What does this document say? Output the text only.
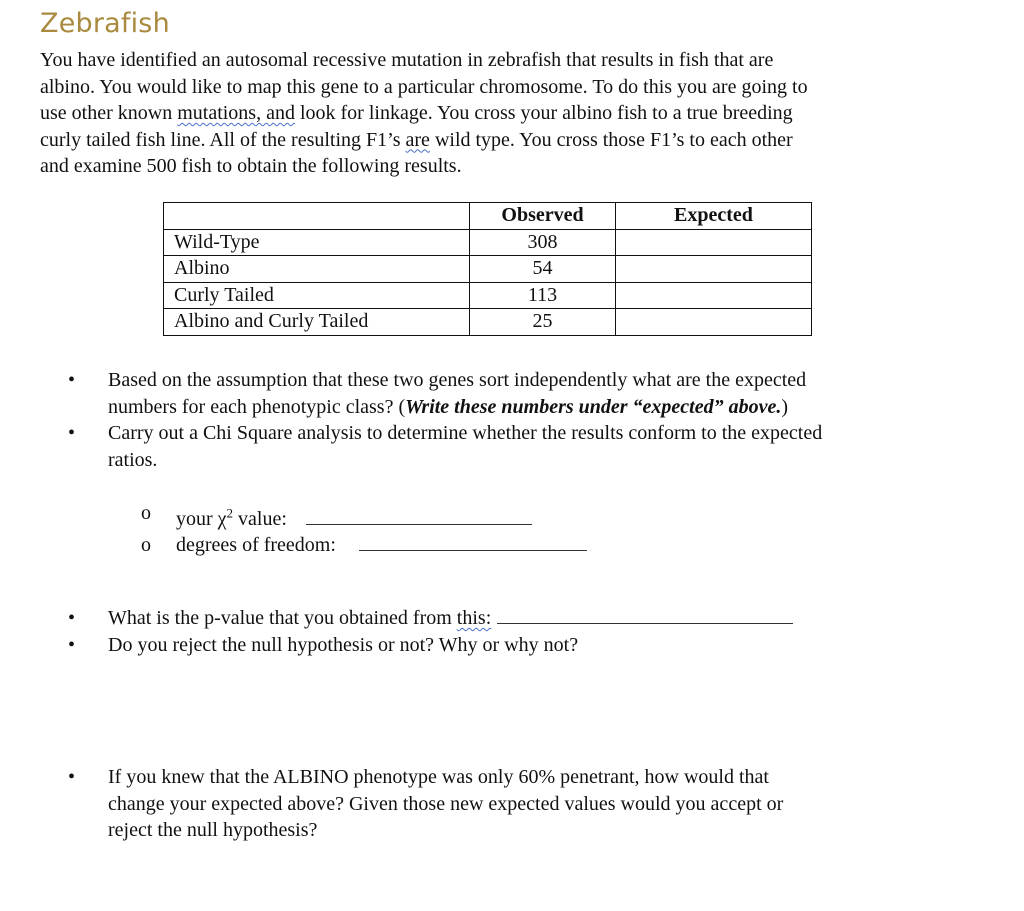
Zebrafish
You have identified an autosomal recessive mutation in zebrafish that results in fish that are
albino. You would like to map this gene to a particular chromosome. To do this you are going to
use other known mutations, and look for linkage. You cross your albino fish to a true breeding
curly tailed fish line. All of the resulting F1’s are wild type. You cross those F1’s to each other
and examine 500 fish to obtain the following results.
	Observed	Expected
Wild-Type	308	
Albino	54	
Curly Tailed	113	
Albino and Curly Tailed	25	
• Based on the assumption that these two genes sort independently what are the expected
numbers for each phenotypic class? (Write these numbers under “expected” above.)
• Carry out a Chi Square analysis to determine whether the results conform to the expected
ratios.
o your $\chi^2$ value:
o degrees of freedom:
• What is the p-value that you obtained from this:
• Do you reject the null hypothesis or not? Why or why not?
• If you knew that the ALBINO phenotype was only 60% penetrant, how would that
change your expected above? Given those new expected values would you accept or
reject the null hypothesis?
